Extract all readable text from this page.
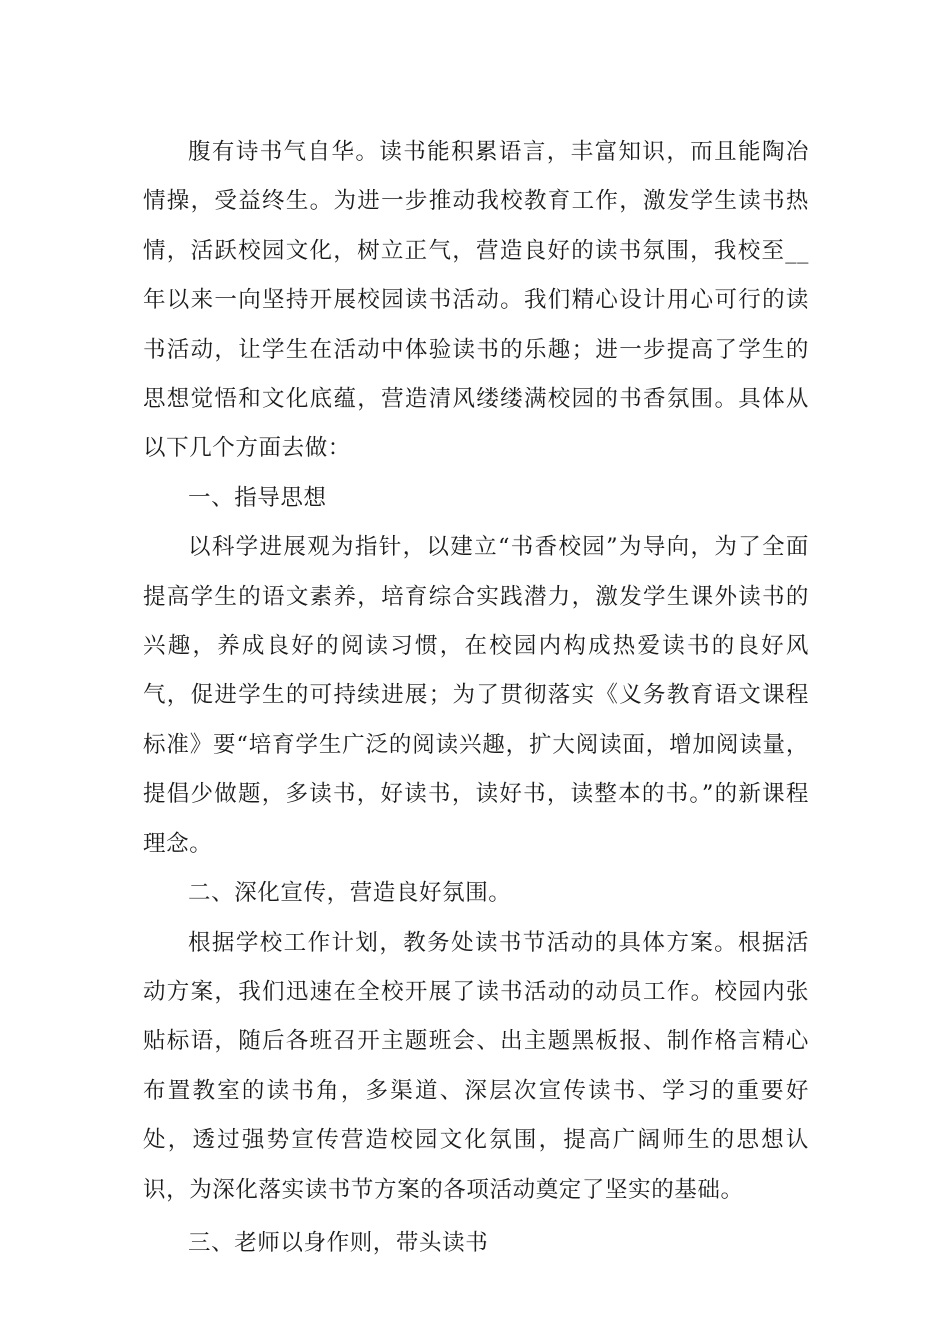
腹有诗书气自华。读书能积累语言，丰富知识，而且能陶冶情操，受益终生。为进一步推动我校教育工作，激发学生读书热情，活跃校园文化，树立正气，营造良好的读书氛围，我校至__年以来一向坚持开展校园读书活动。我们精心设计用心可行的读书活动，让学生在活动中体验读书的乐趣；进一步提高了学生的思想觉悟和文化底蕴，营造清风缕缕满校园的书香氛围。具体从以下几个方面去做：

一、指导思想

以科学进展观为指针，以建立“书香校园”为导向，为了全面提高学生的语文素养，培育综合实践潜力，激发学生课外读书的兴趣，养成良好的阅读习惯，在校园内构成热爱读书的良好风气，促进学生的可持续进展；为了贯彻落实《义务教育语文课程标准》要“培育学生广泛的阅读兴趣，扩大阅读面，增加阅读量，提倡少做题，多读书，好读书，读好书，读整本的书。”的新课程理念。

二、深化宣传，营造良好氛围。

根据学校工作计划，教务处读书节活动的具体方案。根据活动方案，我们迅速在全校开展了读书活动的动员工作。校园内张贴标语，随后各班召开主题班会、出主题黑板报、制作格言精心布置教室的读书角，多渠道、深层次宣传读书、学习的重要好处，透过强势宣传营造校园文化氛围，提高广阔师生的思想认识，为深化落实读书节方案的各项活动奠定了坚实的基础。

三、老师以身作则，带头读书
